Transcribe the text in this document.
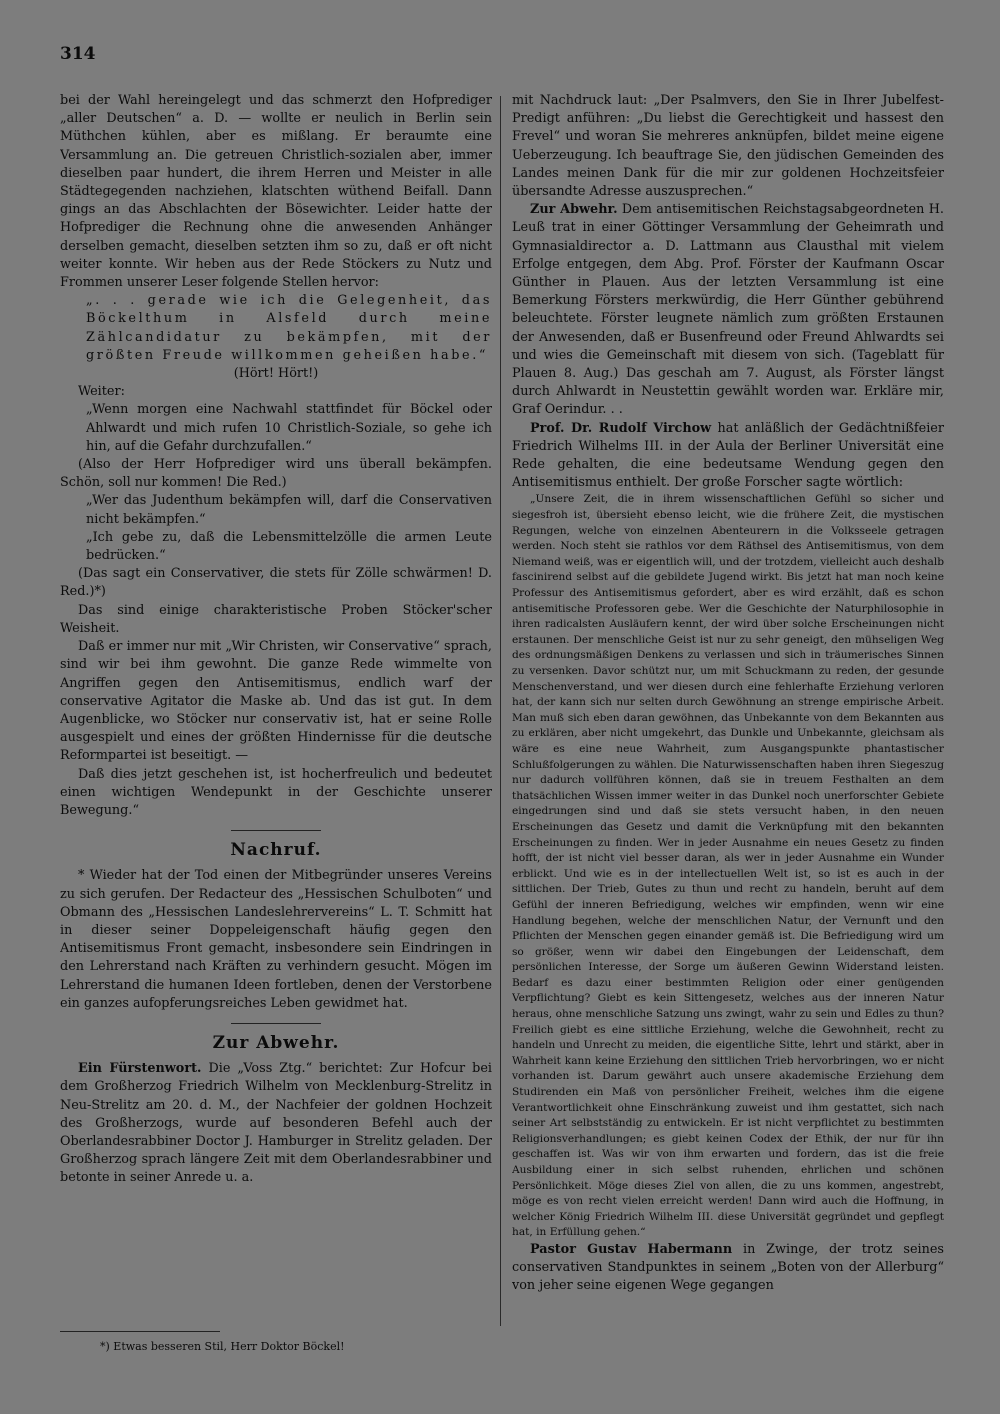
314

bei der Wahl hereingelegt und das schmerzt den Hofprediger „aller Deutschen“ a. D. — wollte er neulich in Berlin sein Müthchen kühlen, aber es mißlang. Er beraumte eine Versammlung an. Die getreuen Christlich-sozialen aber, immer dieselben paar hundert, die ihrem Herren und Meister in alle Städtegegenden nachziehen, klatschten wüthend Beifall. Dann gings an das Abschlachten der Bösewichter. Leider hatte der Hofprediger die Rechnung ohne die anwesenden Anhänger derselben gemacht, dieselben setzten ihm so zu, daß er oft nicht weiter konnte. Wir heben aus der Rede Stöckers zu Nutz und Frommen unserer Leser folgende Stellen hervor:

„. . . gerade wie ich die Gelegenheit, das Böckelthum in Alsfeld durch meine Zählcandidatur zu bekämpfen, mit der größten Freude willkommen geheißen habe.“

(Hört! Hört!)

Weiter:

„Wenn morgen eine Nachwahl stattfindet für Böckel oder Ahlwardt und mich rufen 10 Christlich-Soziale, so gehe ich hin, auf die Gefahr durchzufallen.“

(Also der Herr Hofprediger wird uns überall bekämpfen. Schön, soll nur kommen! Die Red.)

„Wer das Judenthum bekämpfen will, darf die Conservativen nicht bekämpfen.“

„Ich gebe zu, daß die Lebensmittelzölle die armen Leute bedrücken.“

(Das sagt ein Conservativer, die stets für Zölle schwärmen! D. Red.)*)

Das sind einige charakteristische Proben Stöcker'scher Weisheit.

Daß er immer nur mit „Wir Christen, wir Conservative“ sprach, sind wir bei ihm gewohnt. Die ganze Rede wimmelte von Angriffen gegen den Antisemitismus, endlich warf der conservative Agitator die Maske ab. Und das ist gut. In dem Augenblicke, wo Stöcker nur conservativ ist, hat er seine Rolle ausgespielt und eines der größten Hindernisse für die deutsche Reformpartei ist beseitigt. —

Daß dies jetzt geschehen ist, ist hocherfreulich und bedeutet einen wichtigen Wendepunkt in der Geschichte unserer Bewegung.“

Nachruf.

* Wieder hat der Tod einen der Mitbegründer unseres Vereins zu sich gerufen. Der Redacteur des „Hessischen Schulboten“ und Obmann des „Hessischen Landeslehrervereins“ L. T. Schmitt hat in dieser seiner Doppeleigenschaft häufig gegen den Antisemitismus Front gemacht, insbesondere sein Eindringen in den Lehrerstand nach Kräften zu verhindern gesucht. Mögen im Lehrerstand die humanen Ideen fortleben, denen der Verstorbene ein ganzes aufopferungsreiches Leben gewidmet hat.

Zur Abwehr.

Ein Fürstenwort. Die „Voss Ztg.“ berichtet: Zur Hofcur bei dem Großherzog Friedrich Wilhelm von Mecklenburg-Strelitz in Neu-Strelitz am 20. d. M., der Nachfeier der goldnen Hochzeit des Großherzogs, wurde auf besonderen Befehl auch der Oberlandesrabbiner Doctor J. Hamburger in Strelitz geladen. Der Großherzog sprach längere Zeit mit dem Oberlandesrabbiner und betonte in seiner Anrede u. a.

mit Nachdruck laut: „Der Psalmvers, den Sie in Ihrer Jubelfest-Predigt anführen: „Du liebst die Gerechtigkeit und hassest den Frevel“ und woran Sie mehreres anknüpfen, bildet meine eigene Ueberzeugung. Ich beauftrage Sie, den jüdischen Gemeinden des Landes meinen Dank für die mir zur goldenen Hochzeitsfeier übersandte Adresse auszusprechen.“

Zur Abwehr. Dem antisemitischen Reichstagsabgeordneten H. Leuß trat in einer Göttinger Versammlung der Geheimrath und Gymnasialdirector a. D. Lattmann aus Clausthal mit vielem Erfolge entgegen, dem Abg. Prof. Förster der Kaufmann Oscar Günther in Plauen. Aus der letzten Versammlung ist eine Bemerkung Försters merkwürdig, die Herr Günther gebührend beleuchtete. Förster leugnete nämlich zum größten Erstaunen der Anwesenden, daß er Busenfreund oder Freund Ahlwardts sei und wies die Gemeinschaft mit diesem von sich. (Tageblatt für Plauen 8. Aug.) Das geschah am 7. August, als Förster längst durch Ahlwardt in Neustettin gewählt worden war. Erkläre mir, Graf Oerindur. . .

Prof. Dr. Rudolf Virchow hat anläßlich der Gedächtnißfeier Friedrich Wilhelms III. in der Aula der Berliner Universität eine Rede gehalten, die eine bedeutsame Wendung gegen den Antisemitismus enthielt. Der große Forscher sagte wörtlich:

„Unsere Zeit, die in ihrem wissenschaftlichen Gefühl so sicher und siegesfroh ist, übersieht ebenso leicht, wie die frühere Zeit, die mystischen Regungen, welche von einzelnen Abenteurern in die Volksseele getragen werden. Noch steht sie rathlos vor dem Räthsel des Antisemitismus, von dem Niemand weiß, was er eigentlich will, und der trotzdem, vielleicht auch deshalb fascinirend selbst auf die gebildete Jugend wirkt. Bis jetzt hat man noch keine Professur des Antisemitismus gefordert, aber es wird erzählt, daß es schon antisemitische Professoren gebe. Wer die Geschichte der Naturphilosophie in ihren radicalsten Ausläufern kennt, der wird über solche Erscheinungen nicht erstaunen. Der menschliche Geist ist nur zu sehr geneigt, den mühseligen Weg des ordnungsmäßigen Denkens zu verlassen und sich in träumerisches Sinnen zu versenken. Davor schützt nur, um mit Schuckmann zu reden, der gesunde Menschenverstand, und wer diesen durch eine fehlerhafte Erziehung verloren hat, der kann sich nur selten durch Gewöhnung an strenge empirische Arbeit. Man muß sich eben daran gewöhnen, das Unbekannte von dem Bekannten aus zu erklären, aber nicht umgekehrt, das Dunkle und Unbekannte, gleichsam als wäre es eine neue Wahrheit, zum Ausgangspunkte phantastischer Schlußfolgerungen zu wählen. Die Naturwissenschaften haben ihren Siegeszug nur dadurch vollführen können, daß sie in treuem Festhalten an dem thatsächlichen Wissen immer weiter in das Dunkel noch unerforschter Gebiete eingedrungen sind und daß sie stets versucht haben, in den neuen Erscheinungen das Gesetz und damit die Verknüpfung mit den bekannten Erscheinungen zu finden. Wer in jeder Ausnahme ein neues Gesetz zu finden hofft, der ist nicht viel besser daran, als wer in jeder Ausnahme ein Wunder erblickt. Und wie es in der intellectuellen Welt ist, so ist es auch in der sittlichen. Der Trieb, Gutes zu thun und recht zu handeln, beruht auf dem Gefühl der inneren Befriedigung, welches wir empfinden, wenn wir eine Handlung begehen, welche der menschlichen Natur, der Vernunft und den Pflichten der Menschen gegen einander gemäß ist. Die Befriedigung wird um so größer, wenn wir dabei den Eingebungen der Leidenschaft, dem persönlichen Interesse, der Sorge um äußeren Gewinn Widerstand leisten. Bedarf es dazu einer bestimmten Religion oder einer genügenden Verpflichtung? Giebt es kein Sittengesetz, welches aus der inneren Natur heraus, ohne menschliche Satzung uns zwingt, wahr zu sein und Edles zu thun? Freilich giebt es eine sittliche Erziehung, welche die Gewohnheit, recht zu handeln und Unrecht zu meiden, die eigentliche Sitte, lehrt und stärkt, aber in Wahrheit kann keine Erziehung den sittlichen Trieb hervorbringen, wo er nicht vorhanden ist. Darum gewährt auch unsere akademische Erziehung dem Studirenden ein Maß von persönlicher Freiheit, welches ihm die eigene Verantwortlichkeit ohne Einschränkung zuweist und ihm gestattet, sich nach seiner Art selbstständig zu entwickeln. Er ist nicht verpflichtet zu bestimmten Religionsverhandlungen; es giebt keinen Codex der Ethik, der nur für ihn geschaffen ist. Was wir von ihm erwarten und fordern, das ist die freie Ausbildung einer in sich selbst ruhenden, ehrlichen und schönen Persönlichkeit. Möge dieses Ziel von allen, die zu uns kommen, angestrebt, möge es von recht vielen erreicht werden! Dann wird auch die Hoffnung, in welcher König Friedrich Wilhelm III. diese Universität gegründet und gepflegt hat, in Erfüllung gehen.“

Pastor Gustav Habermann in Zwinge, der trotz seines conservativen Standpunktes in seinem „Boten von der Allerburg“ von jeher seine eigenen Wege gegangen

*) Etwas besseren Stil, Herr Doktor Böckel!
